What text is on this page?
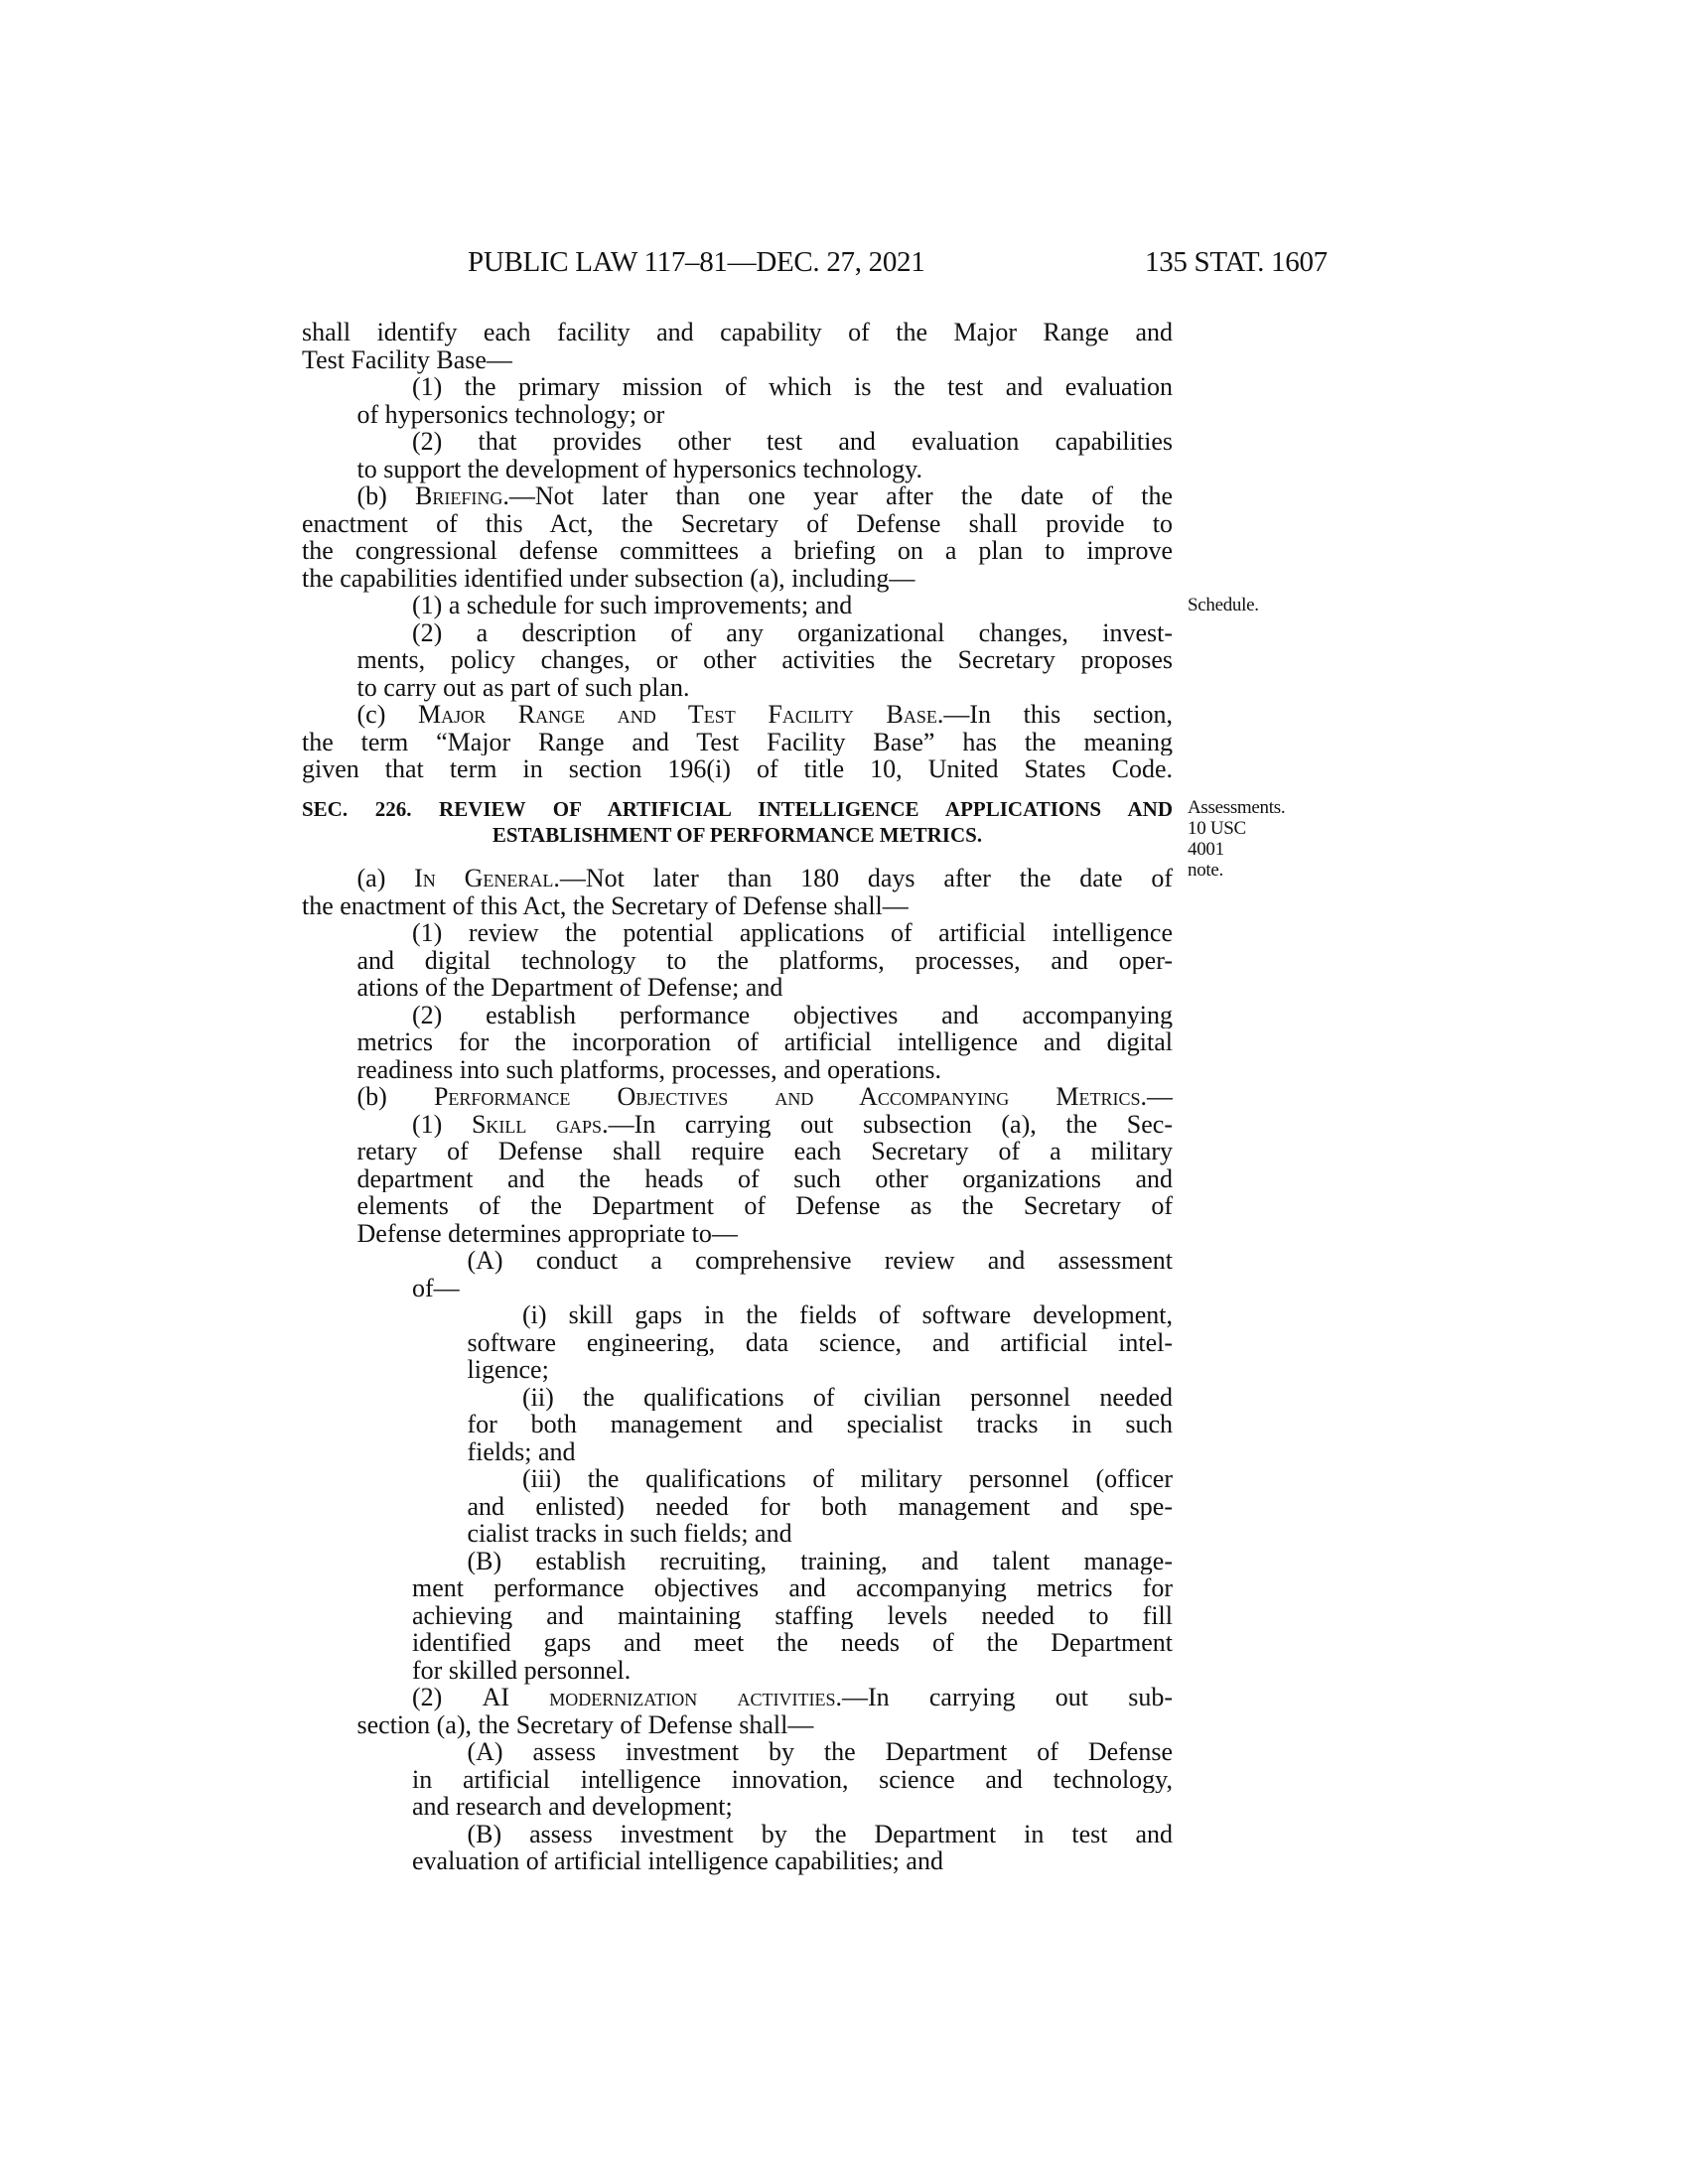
PUBLIC LAW 117–81—DEC. 27, 2021	135 STAT. 1607
shall identify each facility and capability of the Major Range and
Test Facility Base—
(1) the primary mission of which is the test and evaluation
of hypersonics technology; or
(2) that provides other test and evaluation capabilities
to support the development of hypersonics technology.
(b) Briefing.—Not later than one year after the date of the
enactment of this Act, the Secretary of Defense shall provide to
the congressional defense committees a briefing on a plan to improve
the capabilities identified under subsection (a), including—
(1) a schedule for such improvements; and	Schedule.
(2) a description of any organizational changes, invest-
ments, policy changes, or other activities the Secretary proposes
to carry out as part of such plan.
(c) Major Range and Test Facility Base.—In this section,
the term “Major Range and Test Facility Base” has the meaning
given that term in section 196(i) of title 10, United States Code.
SEC. 226. REVIEW OF ARTIFICIAL INTELLIGENCE APPLICATIONS AND
ESTABLISHMENT OF PERFORMANCE METRICS.
Assessments.
10 USC 4001
note.
(a) In General.—Not later than 180 days after the date of
the enactment of this Act, the Secretary of Defense shall—
(1) review the potential applications of artificial intelligence
and digital technology to the platforms, processes, and oper-
ations of the Department of Defense; and
(2) establish performance objectives and accompanying
metrics for the incorporation of artificial intelligence and digital
readiness into such platforms, processes, and operations.
(b) Performance Objectives and Accompanying Metrics.—
(1) Skill gaps.—In carrying out subsection (a), the Sec-
retary of Defense shall require each Secretary of a military
department and the heads of such other organizations and
elements of the Department of Defense as the Secretary of
Defense determines appropriate to—
(A) conduct a comprehensive review and assessment
of—
(i) skill gaps in the fields of software development,
software engineering, data science, and artificial intel-
ligence;
(ii) the qualifications of civilian personnel needed
for both management and specialist tracks in such
fields; and
(iii) the qualifications of military personnel (officer
and enlisted) needed for both management and spe-
cialist tracks in such fields; and
(B) establish recruiting, training, and talent manage-
ment performance objectives and accompanying metrics for
achieving and maintaining staffing levels needed to fill
identified gaps and meet the needs of the Department
for skilled personnel.
(2) AI modernization activities.—In carrying out sub-
section (a), the Secretary of Defense shall—
(A) assess investment by the Department of Defense
in artificial intelligence innovation, science and technology,
and research and development;
(B) assess investment by the Department in test and
evaluation of artificial intelligence capabilities; and
